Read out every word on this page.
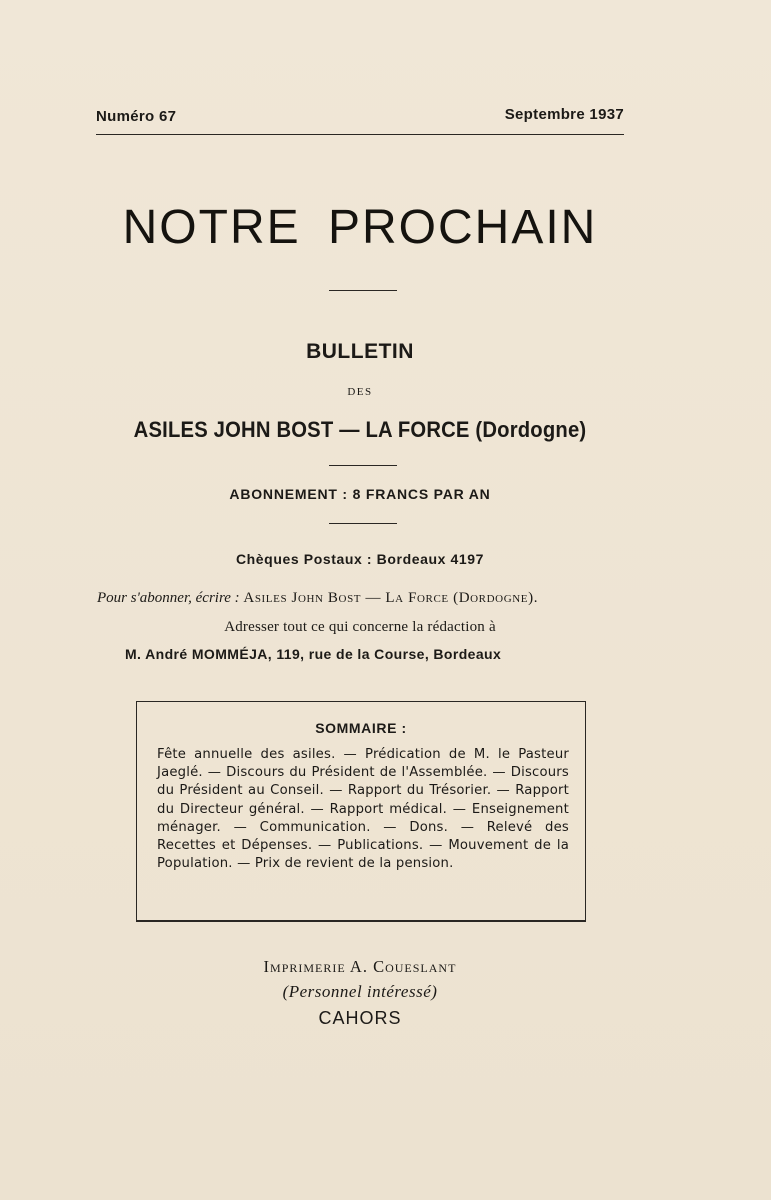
Numéro 67	Septembre 1937
NOTRE PROCHAIN
BULLETIN
DES
ASILES JOHN BOST — LA FORCE (Dordogne)
ABONNEMENT : 8 FRANCS PAR AN
Chèques Postaux : Bordeaux 4197
Pour s'abonner, écrire : Asiles John Bost — La Force (Dordogne).
Adresser tout ce qui concerne la rédaction à
M. André MOMMÉJA, 119, rue de la Course, Bordeaux
SOMMAIRE :
Fête annuelle des asiles. — Prédication de M. le Pasteur Jaeglé. — Discours du Président de l'Assemblée. — Discours du Président au Conseil. — Rapport du Trésorier. — Rapport du Directeur général. — Rapport médical. — Enseignement ménager. — Communication. — Dons. — Relevé des Recettes et Dépenses. — Publications. — Mouvement de la Population. — Prix de revient de la pension.
Imprimerie A. Coueslant
(Personnel intéressé)
CAHORS
